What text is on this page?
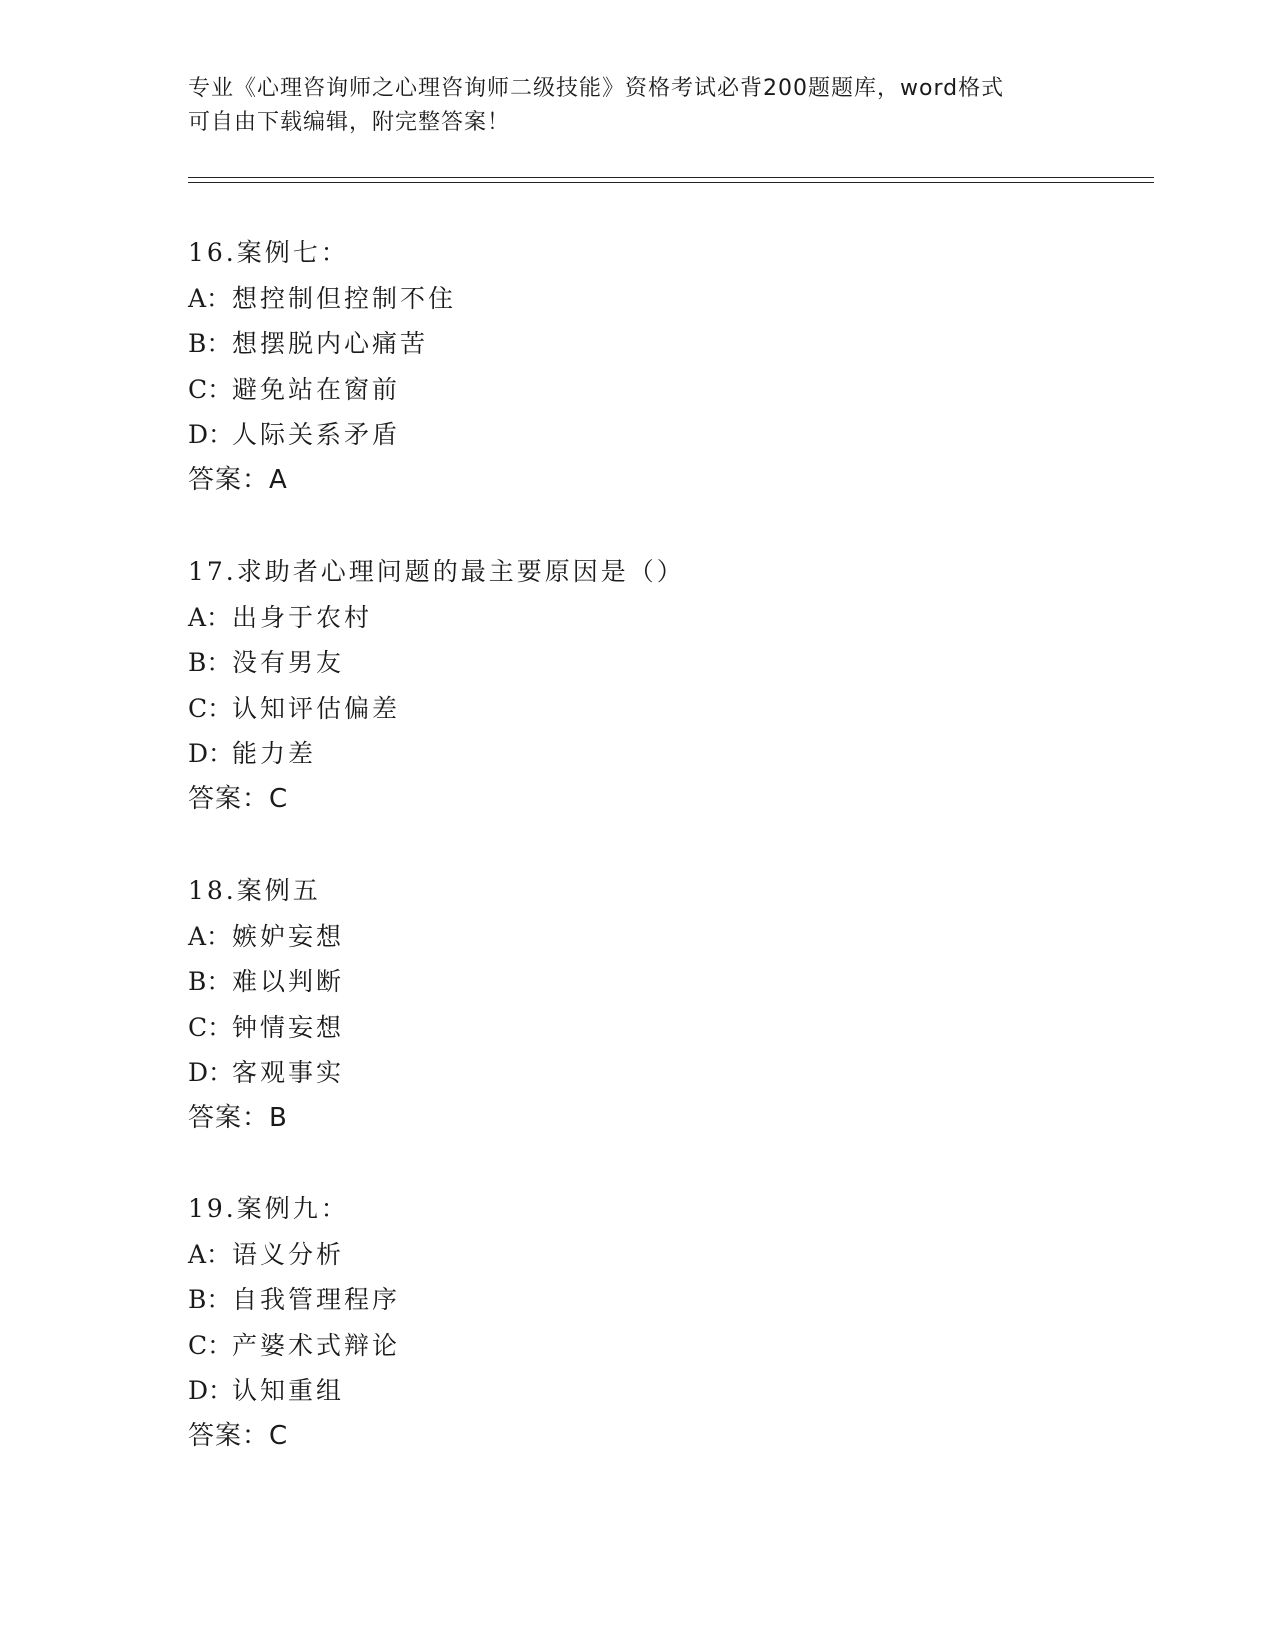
专业《心理咨询师之心理咨询师二级技能》资格考试必背200题题库，word格式
可自由下载编辑，附完整答案！
16.案例七：
A：想控制但控制不住
B：想摆脱内心痛苦
C：避免站在窗前
D：人际关系矛盾
答案：A
17.求助者心理问题的最主要原因是（）
A：出身于农村
B：没有男友
C：认知评估偏差
D：能力差
答案：C
18.案例五
A：嫉妒妄想
B：难以判断
C：钟情妄想
D：客观事实
答案：B
19.案例九：
A：语义分析
B：自我管理程序
C：产婆术式辩论
D：认知重组
答案：C
